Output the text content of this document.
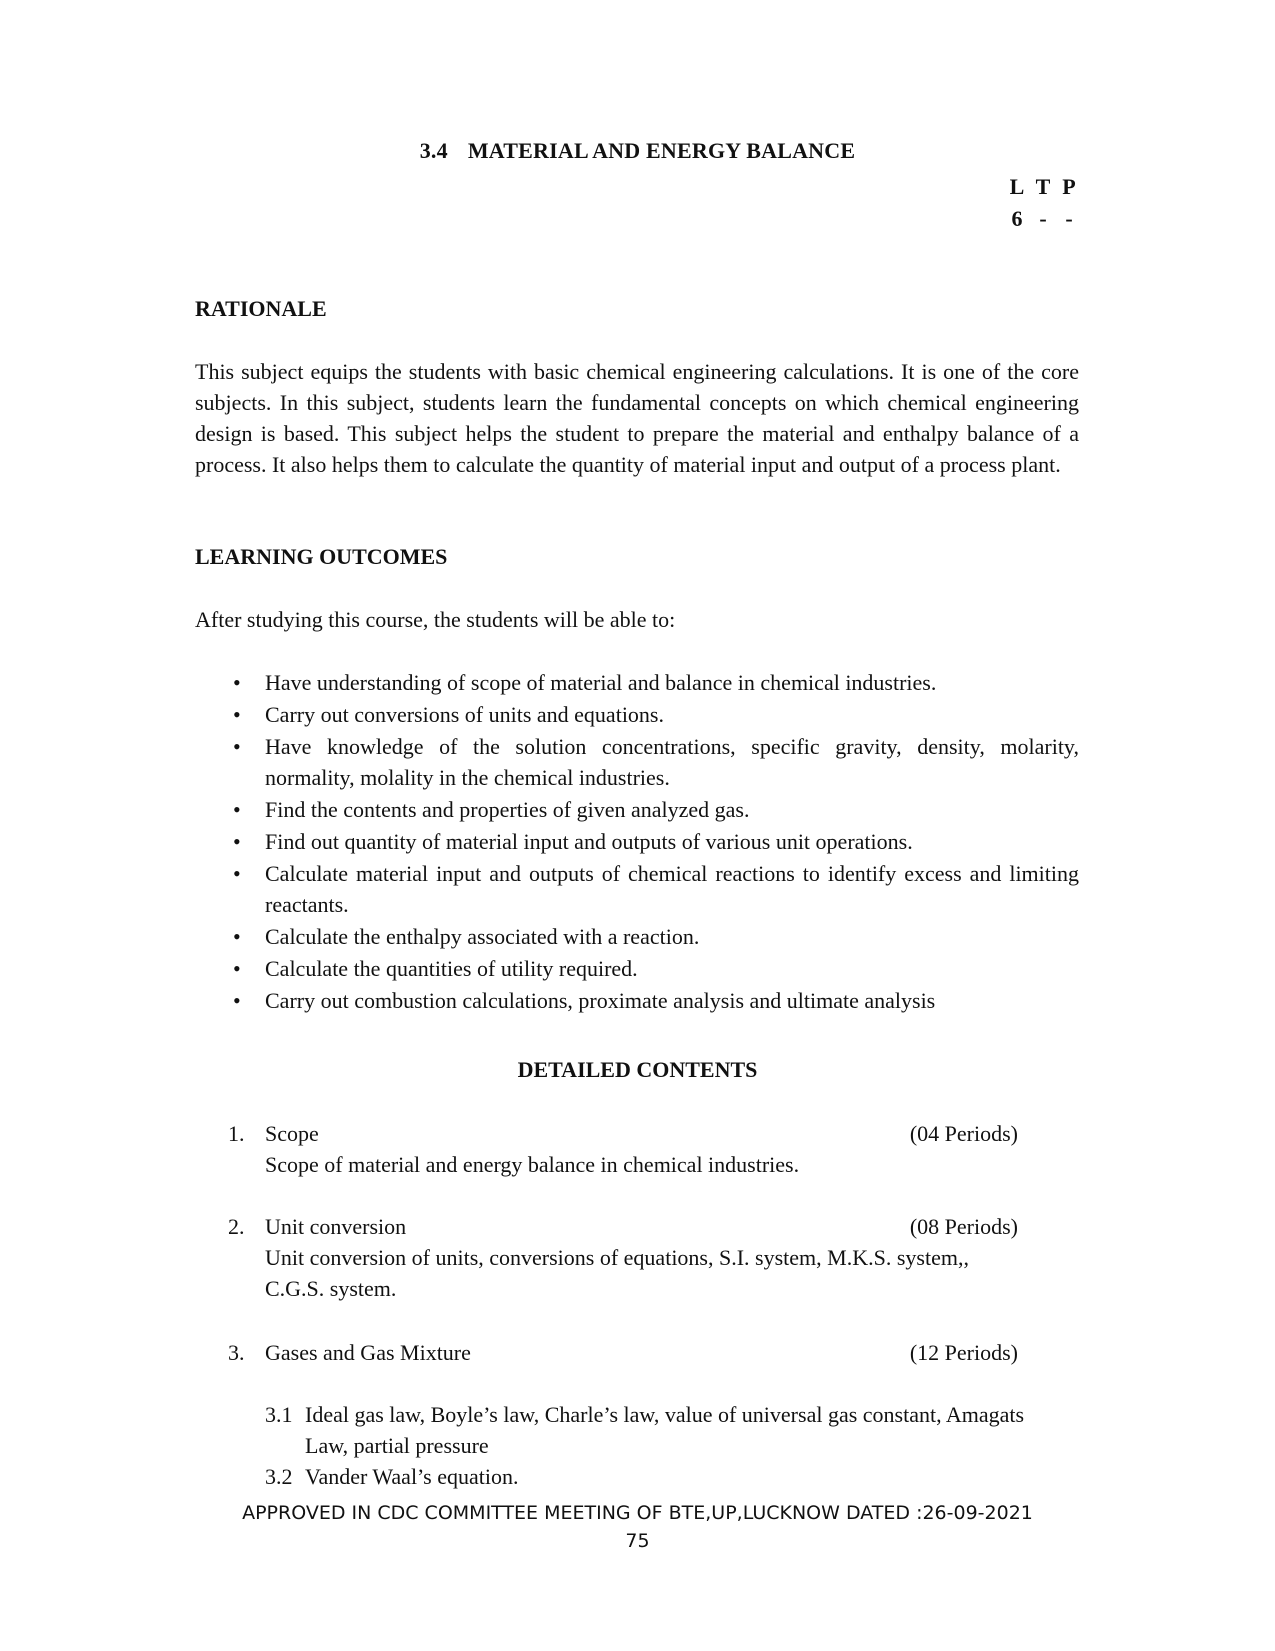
3.4 MATERIAL AND ENERGY BALANCE
L T P
6 - -
RATIONALE

This subject equips the students with basic chemical engineering calculations. It is one of the core subjects. In this subject, students learn the fundamental concepts on which chemical engineering design is based. This subject helps the student to prepare the material and enthalpy balance of a process. It also helps them to calculate the quantity of material input and output of a process plant.

LEARNING OUTCOMES

After studying this course, the students will be able to:

• Have understanding of scope of material and balance in chemical industries.
• Carry out conversions of units and equations.
• Have knowledge of the solution concentrations, specific gravity, density, molarity, normality, molality in the chemical industries.
• Find the contents and properties of given analyzed gas.
• Find out quantity of material input and outputs of various unit operations.
• Calculate material input and outputs of chemical reactions to identify excess and limiting reactants.
• Calculate the enthalpy associated with a reaction.
• Calculate the quantities of utility required.
• Carry out combustion calculations, proximate analysis and ultimate analysis
DETAILED CONTENTS
1. Scope	(04 Periods)
Scope of material and energy balance in chemical industries.
2. Unit conversion	(08 Periods)
Unit conversion of units, conversions of equations, S.I. system, M.K.S. system,, C.G.S. system.
3. Gases and Gas Mixture	(12 Periods)
3.1 Ideal gas law, Boyle’s law, Charle’s law, value of universal gas constant, Amagats Law, partial pressure
3.2 Vander Waal’s equation.
APPROVED IN CDC COMMITTEE MEETING OF BTE,UP,LUCKNOW DATED :26-09-2021
75
